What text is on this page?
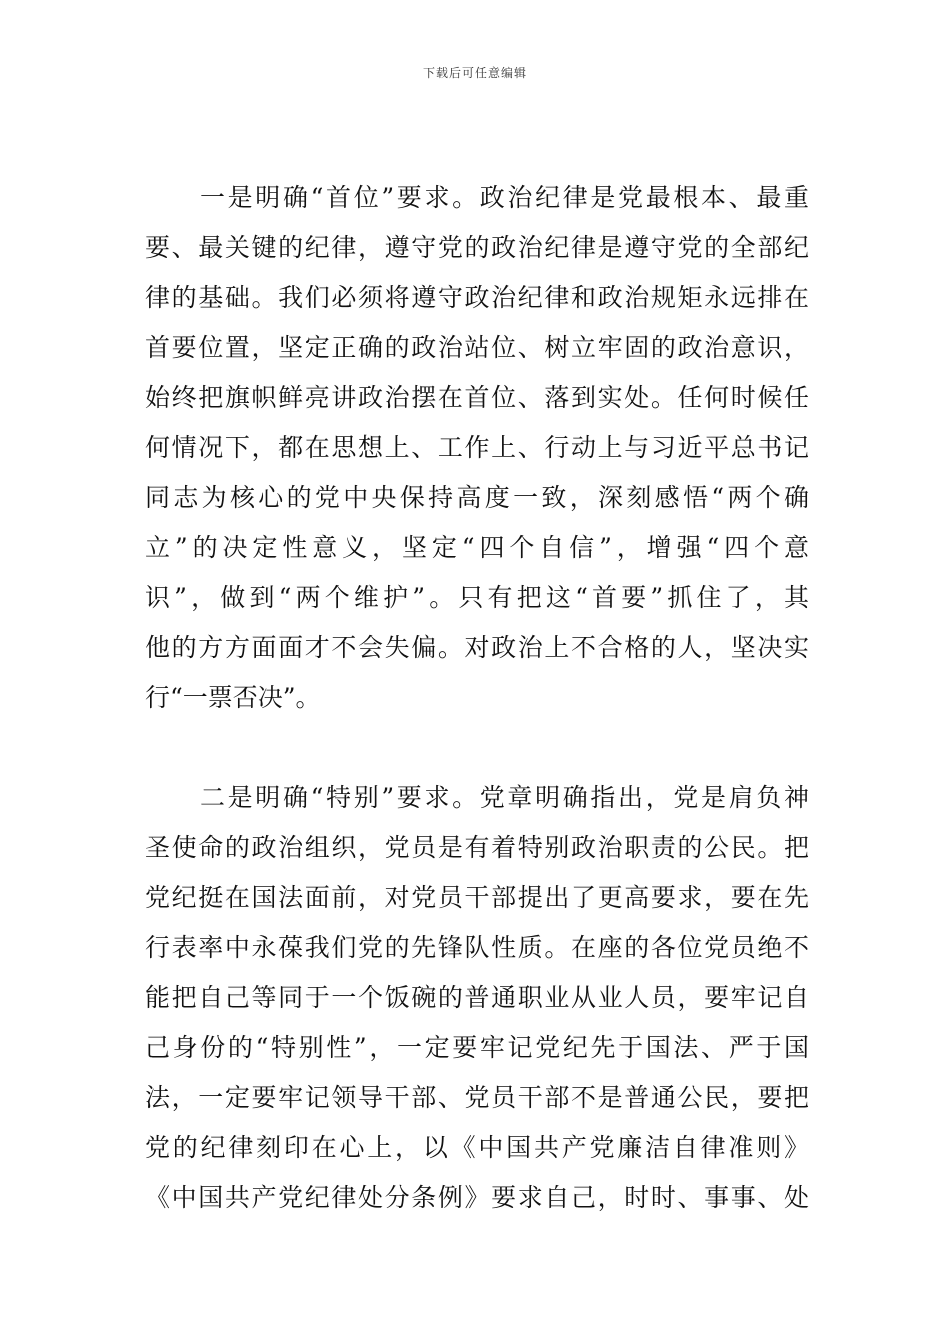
下载后可任意编辑
一是明确“首位”要求。政治纪律是党最根本、最重
要、最关键的纪律，遵守党的政治纪律是遵守党的全部纪
律的基础。我们必须将遵守政治纪律和政治规矩永远排在
首要位置，坚定正确的政治站位、树立牢固的政治意识，
始终把旗帜鲜亮讲政治摆在首位、落到实处。任何时候任
何情况下，都在思想上、工作上、行动上与习近平总书记
同志为核心的党中央保持高度一致，深刻感悟“两个确
立”的决定性意义，坚定“四个自信”，增强“四个意
识”，做到“两个维护”。只有把这“首要”抓住了，其
他的方方面面才不会失偏。对政治上不合格的人，坚决实
行“一票否决”。
二是明确“特别”要求。党章明确指出，党是肩负神
圣使命的政治组织，党员是有着特别政治职责的公民。把
党纪挺在国法面前，对党员干部提出了更高要求，要在先
行表率中永葆我们党的先锋队性质。在座的各位党员绝不
能把自己等同于一个饭碗的普通职业从业人员，要牢记自
己身份的“特别性”，一定要牢记党纪先于国法、严于国
法，一定要牢记领导干部、党员干部不是普通公民，要把
党的纪律刻印在心上，以《中国共产党廉洁自律准则》
《中国共产党纪律处分条例》要求自己，时时、事事、处
